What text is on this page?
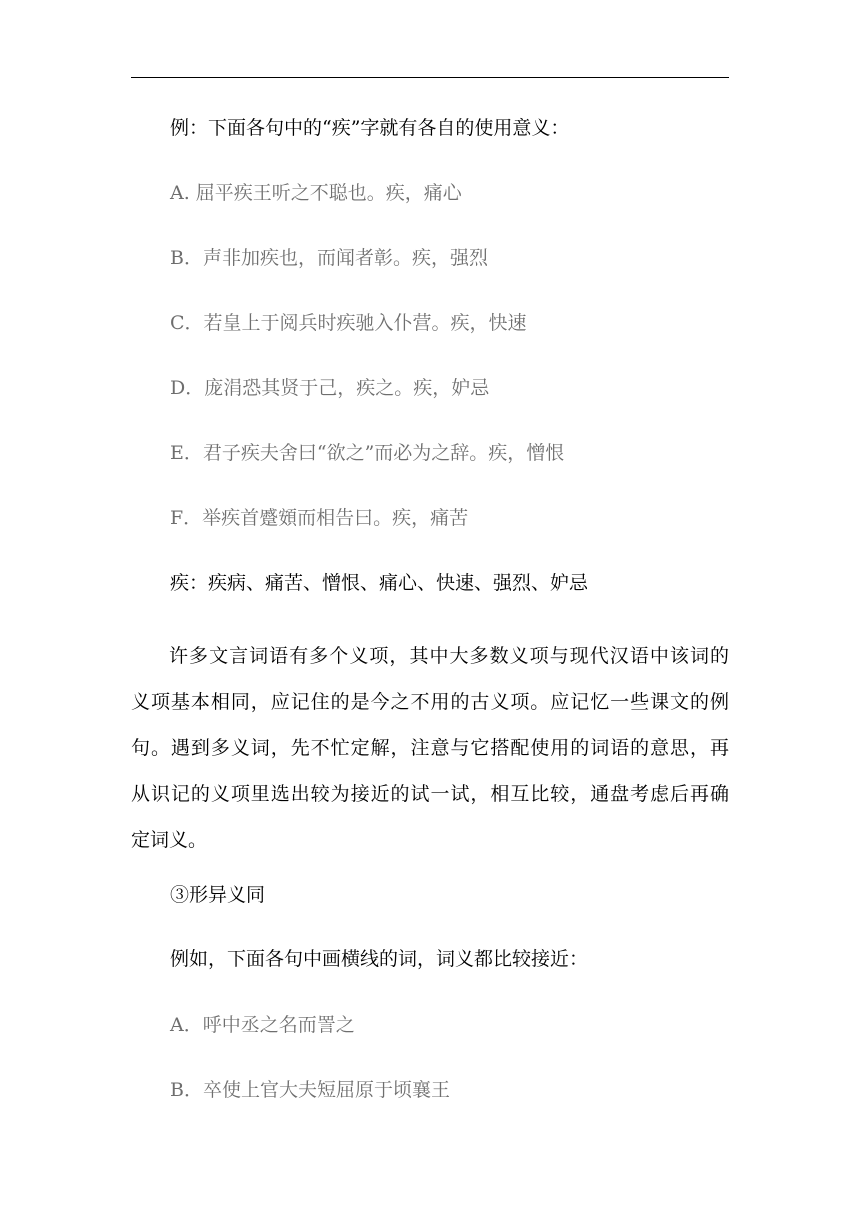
例：下面各句中的“疾”字就有各自的使用意义：
A. 屈平疾王听之不聪也。疾，痛心
B．声非加疾也，而闻者彰。疾，强烈
C．若皇上于阅兵时疾驰入仆营。疾，快速
D．庞涓恐其贤于己，疾之。疾，妒忌
E．君子疾夫舍曰“欲之”而必为之辞。疾，憎恨
F．举疾首蹙頞而相告曰。疾，痛苦
疾：疾病、痛苦、憎恨、痛心、快速、强烈、妒忌
许多文言词语有多个义项，其中大多数义项与现代汉语中该词的
义项基本相同，应记住的是今之不用的古义项。应记忆一些课文的例
句。遇到多义词，先不忙定解，注意与它搭配使用的词语的意思，再
从识记的义项里选出较为接近的试一试，相互比较，通盘考虑后再确
定词义。
③形异义同
例如，下面各句中画横线的词，词义都比较接近：
A．呼中丞之名而詈之
B．卒使上官大夫短屈原于顷襄王
